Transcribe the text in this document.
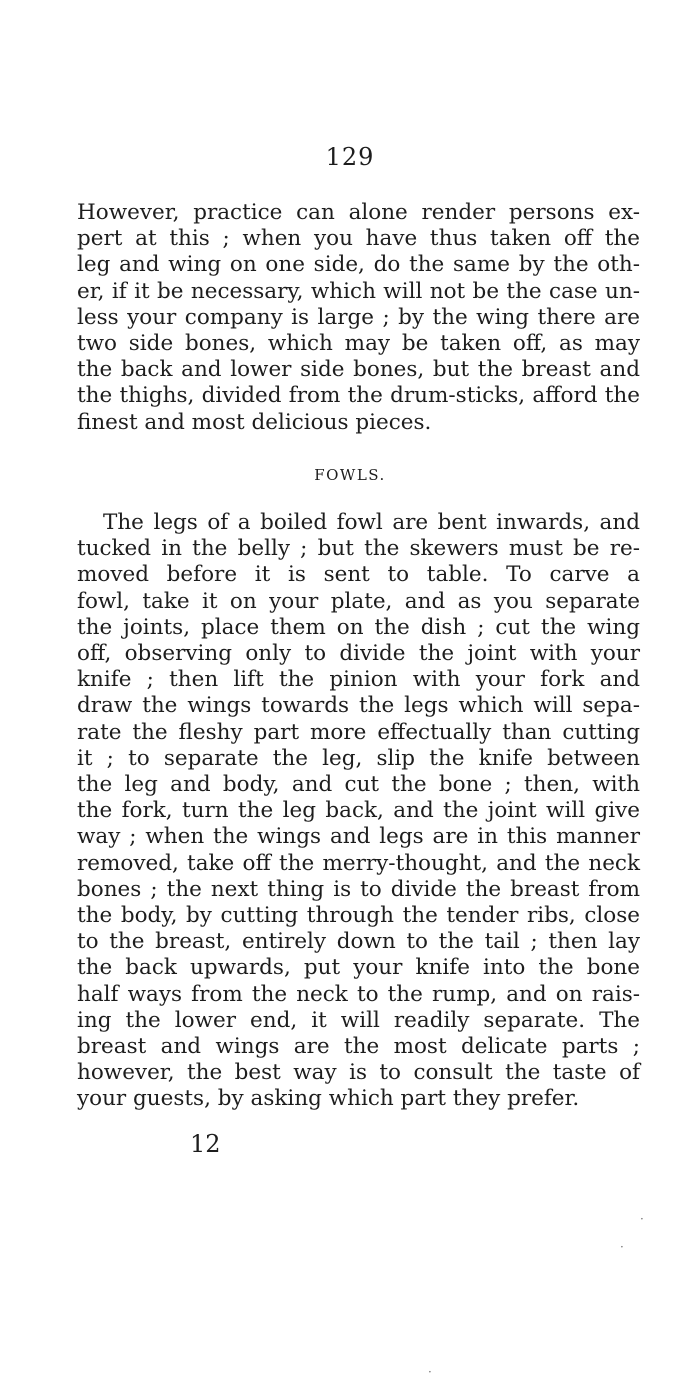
129
However, practice can alone render persons ex-
pert at this ; when you have thus taken off the
leg and wing on one side, do the same by the oth-
er, if it be necessary, which will not be the case un-
less your company is large ; by the wing there are
two side bones, which may be taken off, as may
the back and lower side bones, but the breast and
the thighs, divided from the drum-sticks, afford the
finest and most delicious pieces.
FOWLS.
The legs of a boiled fowl are bent inwards, and
tucked in the belly ; but the skewers must be re-
moved before it is sent to table. To carve a
fowl, take it on your plate, and as you separate
the joints, place them on the dish ; cut the wing
off, observing only to divide the joint with your
knife ; then lift the pinion with your fork and
draw the wings towards the legs which will sepa-
rate the fleshy part more effectually than cutting
it ; to separate the leg, slip the knife between
the leg and body, and cut the bone ; then, with
the fork, turn the leg back, and the joint will give
way ; when the wings and legs are in this manner
removed, take off the merry-thought, and the neck
bones ; the next thing is to divide the breast from
the body, by cutting through the tender ribs, close
to the breast, entirely down to the tail ; then lay
the back upwards, put your knife into the bone
half ways from the neck to the rump, and on rais-
ing the lower end, it will readily separate. The
breast and wings are the most delicate parts ;
however, the best way is to consult the taste of
your guests, by asking which part they prefer.
12
·
·
·
